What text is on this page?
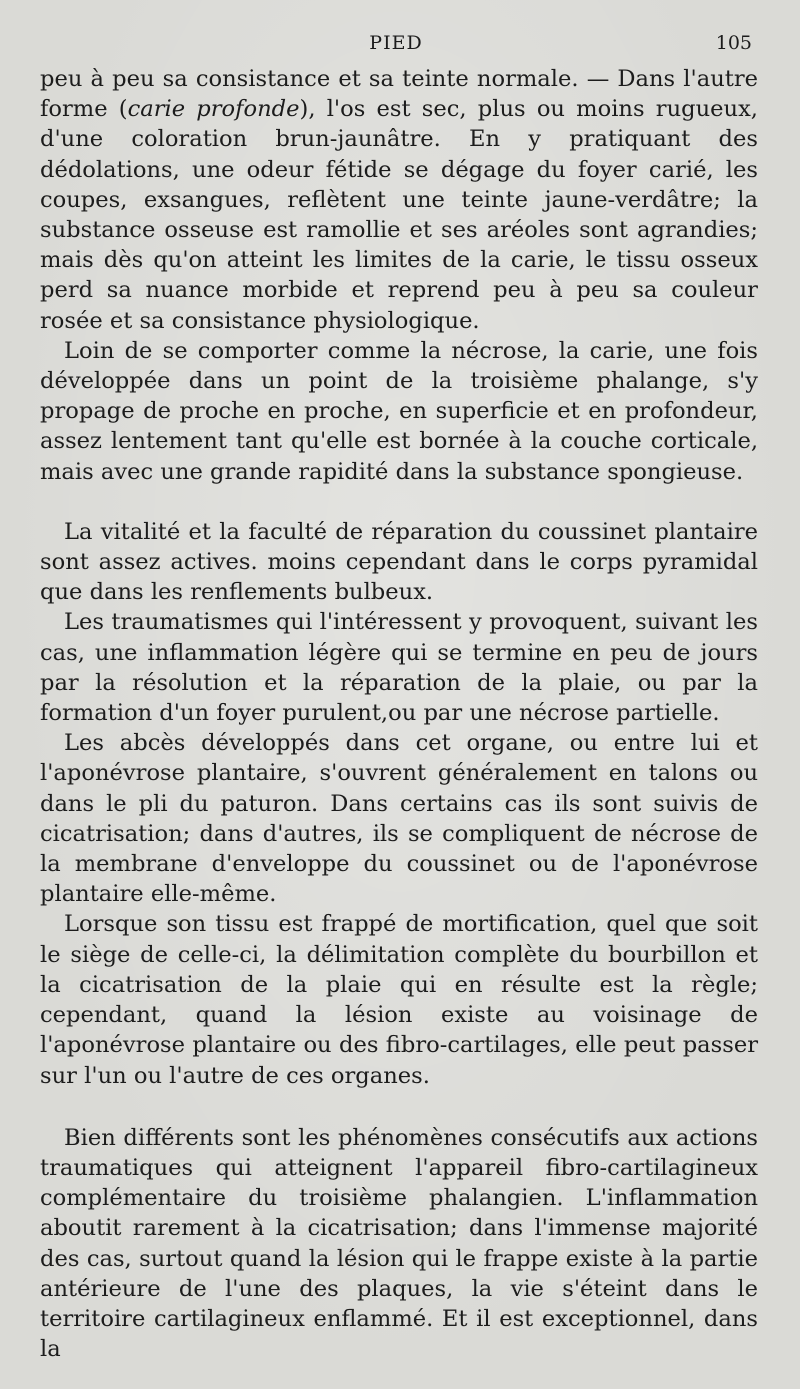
PIED	105

peu à peu sa consistance et sa teinte normale. — Dans l'autre forme (carie profonde), l'os est sec, plus ou moins rugueux, d'une coloration brun-jaunâtre. En y pratiquant des dédolations, une odeur fétide se dégage du foyer carié, les coupes, exsangues, reflètent une teinte jaune-verdâtre; la substance osseuse est ramollie et ses aréoles sont agrandies; mais dès qu'on atteint les limites de la carie, le tissu osseux perd sa nuance morbide et reprend peu à peu sa couleur rosée et sa consistance physiologique.

Loin de se comporter comme la nécrose, la carie, une fois développée dans un point de la troisième phalange, s'y propage de proche en proche, en superficie et en profondeur, assez lentement tant qu'elle est bornée à la couche corticale, mais avec une grande rapidité dans la substance spongieuse.

La vitalité et la faculté de réparation du coussinet plantaire sont assez actives. moins cependant dans le corps pyramidal que dans les renflements bulbeux.

Les traumatismes qui l'intéressent y provoquent, suivant les cas, une inflammation légère qui se termine en peu de jours par la résolution et la réparation de la plaie, ou par la formation d'un foyer purulent,ou par une nécrose partielle.

Les abcès développés dans cet organe, ou entre lui et l'aponévrose plantaire, s'ouvrent généralement en talons ou dans le pli du paturon. Dans certains cas ils sont suivis de cicatrisation; dans d'autres, ils se compliquent de nécrose de la membrane d'enveloppe du coussinet ou de l'aponévrose plantaire elle-même.

Lorsque son tissu est frappé de mortification, quel que soit le siège de celle-ci, la délimitation complète du bourbillon et la cicatrisation de la plaie qui en résulte est la règle; cependant, quand la lésion existe au voisinage de l'aponévrose plantaire ou des fibro-cartilages, elle peut passer sur l'un ou l'autre de ces organes.

Bien différents sont les phénomènes consécutifs aux actions traumatiques qui atteignent l'appareil fibro-cartilagineux complémentaire du troisième phalangien. L'inflammation aboutit rarement à la cicatrisation; dans l'immense majorité des cas, surtout quand la lésion qui le frappe existe à la partie antérieure de l'une des plaques, la vie s'éteint dans le territoire cartilagineux enflammé. Et il est exceptionnel, dans la
